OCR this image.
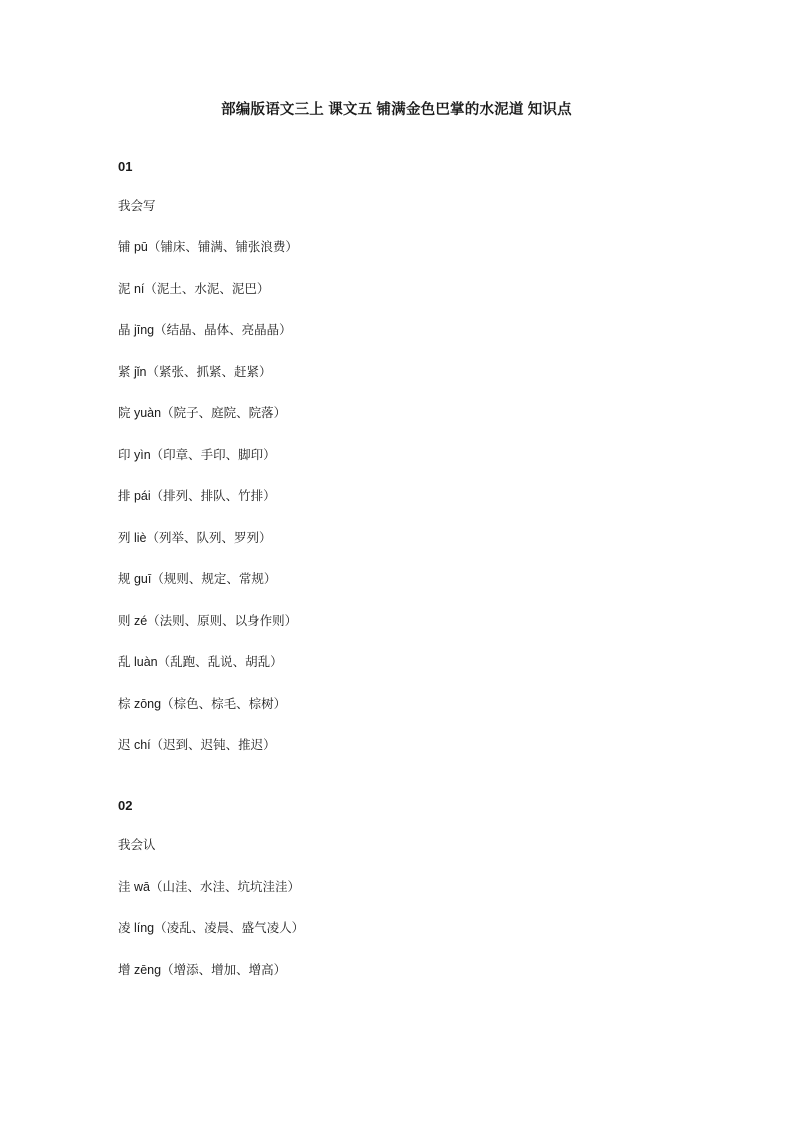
部编版语文三上 课文五 铺满金色巴掌的水泥道 知识点
01
我会写
铺 pū（铺床、铺满、铺张浪费）
泥 ní（泥土、水泥、泥巴）
晶 jīng（结晶、晶体、亮晶晶）
紧 jǐn（紧张、抓紧、赶紧）
院 yuàn（院子、庭院、院落）
印 yìn（印章、手印、脚印）
排 pái（排列、排队、竹排）
列 liè（列举、队列、罗列）
规 guī（规则、规定、常规）
则 zé（法则、原则、以身作则）
乱 luàn（乱跑、乱说、胡乱）
棕 zōng（棕色、棕毛、棕树）
迟 chí（迟到、迟钝、推迟）
02
我会认
洼 wā（山洼、水洼、坑坑洼洼）
凌 líng（凌乱、凌晨、盛气凌人）
增 zēng（增添、增加、增高）
